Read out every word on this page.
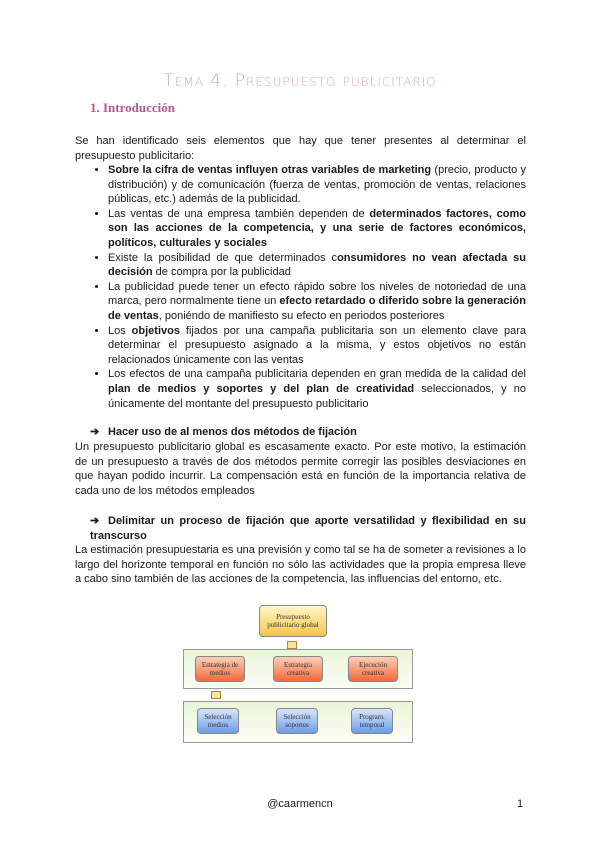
Tema 4. Presupuesto publicitario
1. Introducción
Se han identificado seis elementos que hay que tener presentes al determinar el presupuesto publicitario:
• Sobre la cifra de ventas influyen otras variables de marketing (precio, producto y distribución) y de comunicación (fuerza de ventas, promoción de ventas, relaciones públicas, etc.) además de la publicidad.
• Las ventas de una empresa también dependen de determinados factores, como son las acciones de la competencia, y una serie de factores económicos, políticos, culturales y sociales
• Existe la posibilidad de que determinados consumidores no vean afectada su decisión de compra por la publicidad
• La publicidad puede tener un efecto rápido sobre los niveles de notoriedad de una marca, pero normalmente tiene un efecto retardado o diferido sobre la generación de ventas, poniéndo de manifiesto su efecto en periodos posteriores
• Los objetivos fijados por una campaña publicitaria son un elemento clave para determinar el presupuesto asignado a la misma, y estos objetivos no están relacionados únicamente con las ventas
• Los efectos de una campaña publicitaria dependen en gran medida de la calidad del plan de medios y soportes y del plan de creatividad seleccionados, y no únicamente del montante del presupuesto publicitario
➔ Hacer uso de al menos dos métodos de fijación
Un presupuesto publicitario global es escasamente exacto. Por este motivo, la estimación de un presupuesto a través de dos métodos permite corregir las posibles desviaciones en que hayan podido incurrir. La compensación está en función de la importancia relativa de cada uno de los métodos empleados
➔ Delimitar un proceso de fijación que aporte versatilidad y flexibilidad en su transcurso
La estimación presupuestaria es una previsión y como tal se ha de someter a revisiones a lo largo del horizonte temporal en función no sólo las actividades que la propia empresa lleve a cabo sino también de las acciones de la competencia, las influencias del entorno, etc.
Presupuesto publicitario global
Estrategia de medios
Estrategia creativa
Ejecución creativa
Selección medios
Selección soportes
Program. temporal
@caarmencn	1
